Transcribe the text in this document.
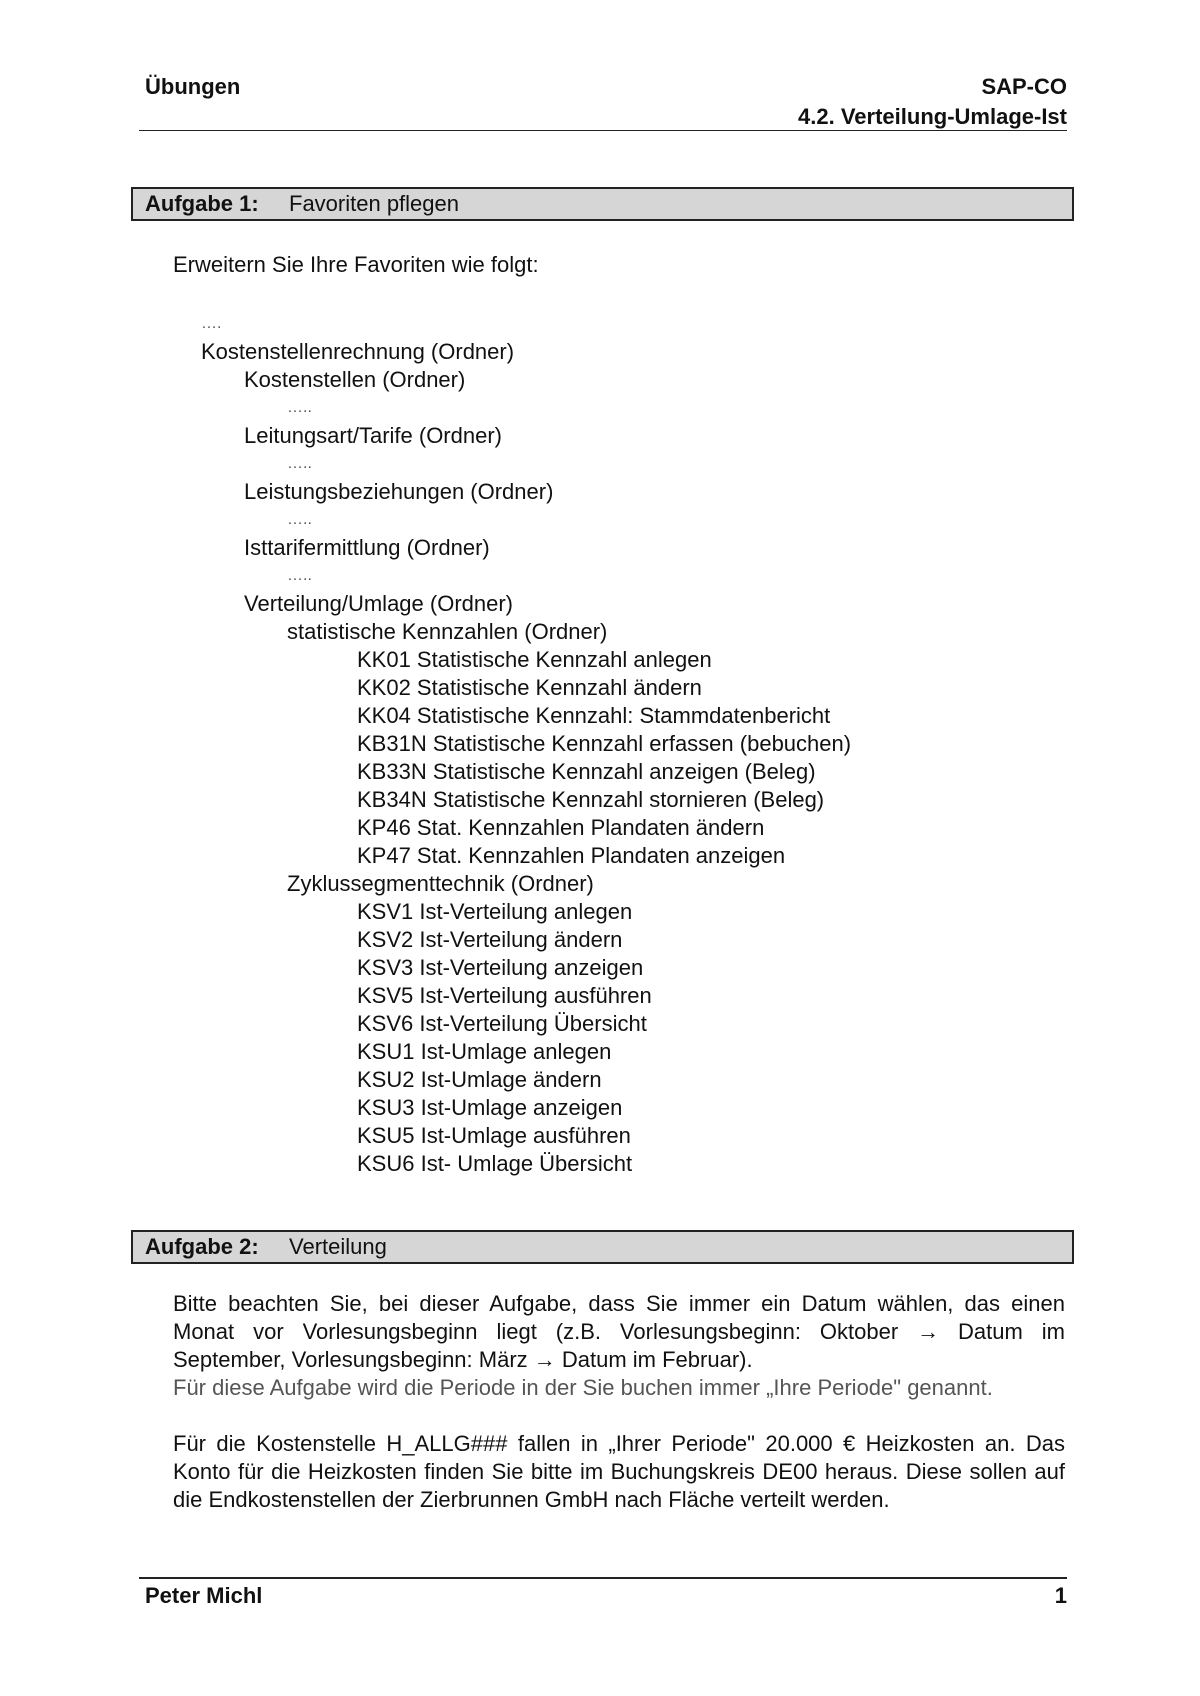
Übungen	SAP-CO
4.2. Verteilung-Umlage-Ist
Aufgabe 1: Favoriten pflegen
Erweitern Sie Ihre Favoriten wie folgt:
….
Kostenstellenrechnung (Ordner)
Kostenstellen (Ordner)
…..
Leitungsart/Tarife (Ordner)
…..
Leistungsbeziehungen (Ordner)
…..
Isttarifermittlung (Ordner)
…..
Verteilung/Umlage (Ordner)
statistische Kennzahlen (Ordner)
KK01 Statistische Kennzahl anlegen
KK02 Statistische Kennzahl ändern
KK04 Statistische Kennzahl: Stammdatenbericht
KB31N Statistische Kennzahl erfassen (bebuchen)
KB33N Statistische Kennzahl anzeigen (Beleg)
KB34N Statistische Kennzahl stornieren (Beleg)
KP46 Stat. Kennzahlen Plandaten ändern
KP47 Stat. Kennzahlen Plandaten anzeigen
Zyklussegmenttechnik (Ordner)
KSV1 Ist-Verteilung anlegen
KSV2 Ist-Verteilung ändern
KSV3 Ist-Verteilung anzeigen
KSV5 Ist-Verteilung ausführen
KSV6 Ist-Verteilung Übersicht
KSU1 Ist-Umlage anlegen
KSU2 Ist-Umlage ändern
KSU3 Ist-Umlage anzeigen
KSU5 Ist-Umlage ausführen
KSU6 Ist- Umlage Übersicht
Aufgabe 2: Verteilung

Bitte beachten Sie, bei dieser Aufgabe, dass Sie immer ein Datum wählen, das einen Monat vor Vorlesungsbeginn liegt (z.B. Vorlesungsbeginn: Oktober → Datum im September, Vorlesungsbeginn: März → Datum im Februar).

Für diese Aufgabe wird die Periode in der Sie buchen immer „Ihre Periode" genannt.

Für die Kostenstelle H_ALLG### fallen in „Ihrer Periode" 20.000 € Heizkosten an. Das Konto für die Heizkosten finden Sie bitte im Buchungskreis DE00 heraus. Diese sollen auf die Endkostenstellen der Zierbrunnen GmbH nach Fläche verteilt werden.

Peter Michl	1
